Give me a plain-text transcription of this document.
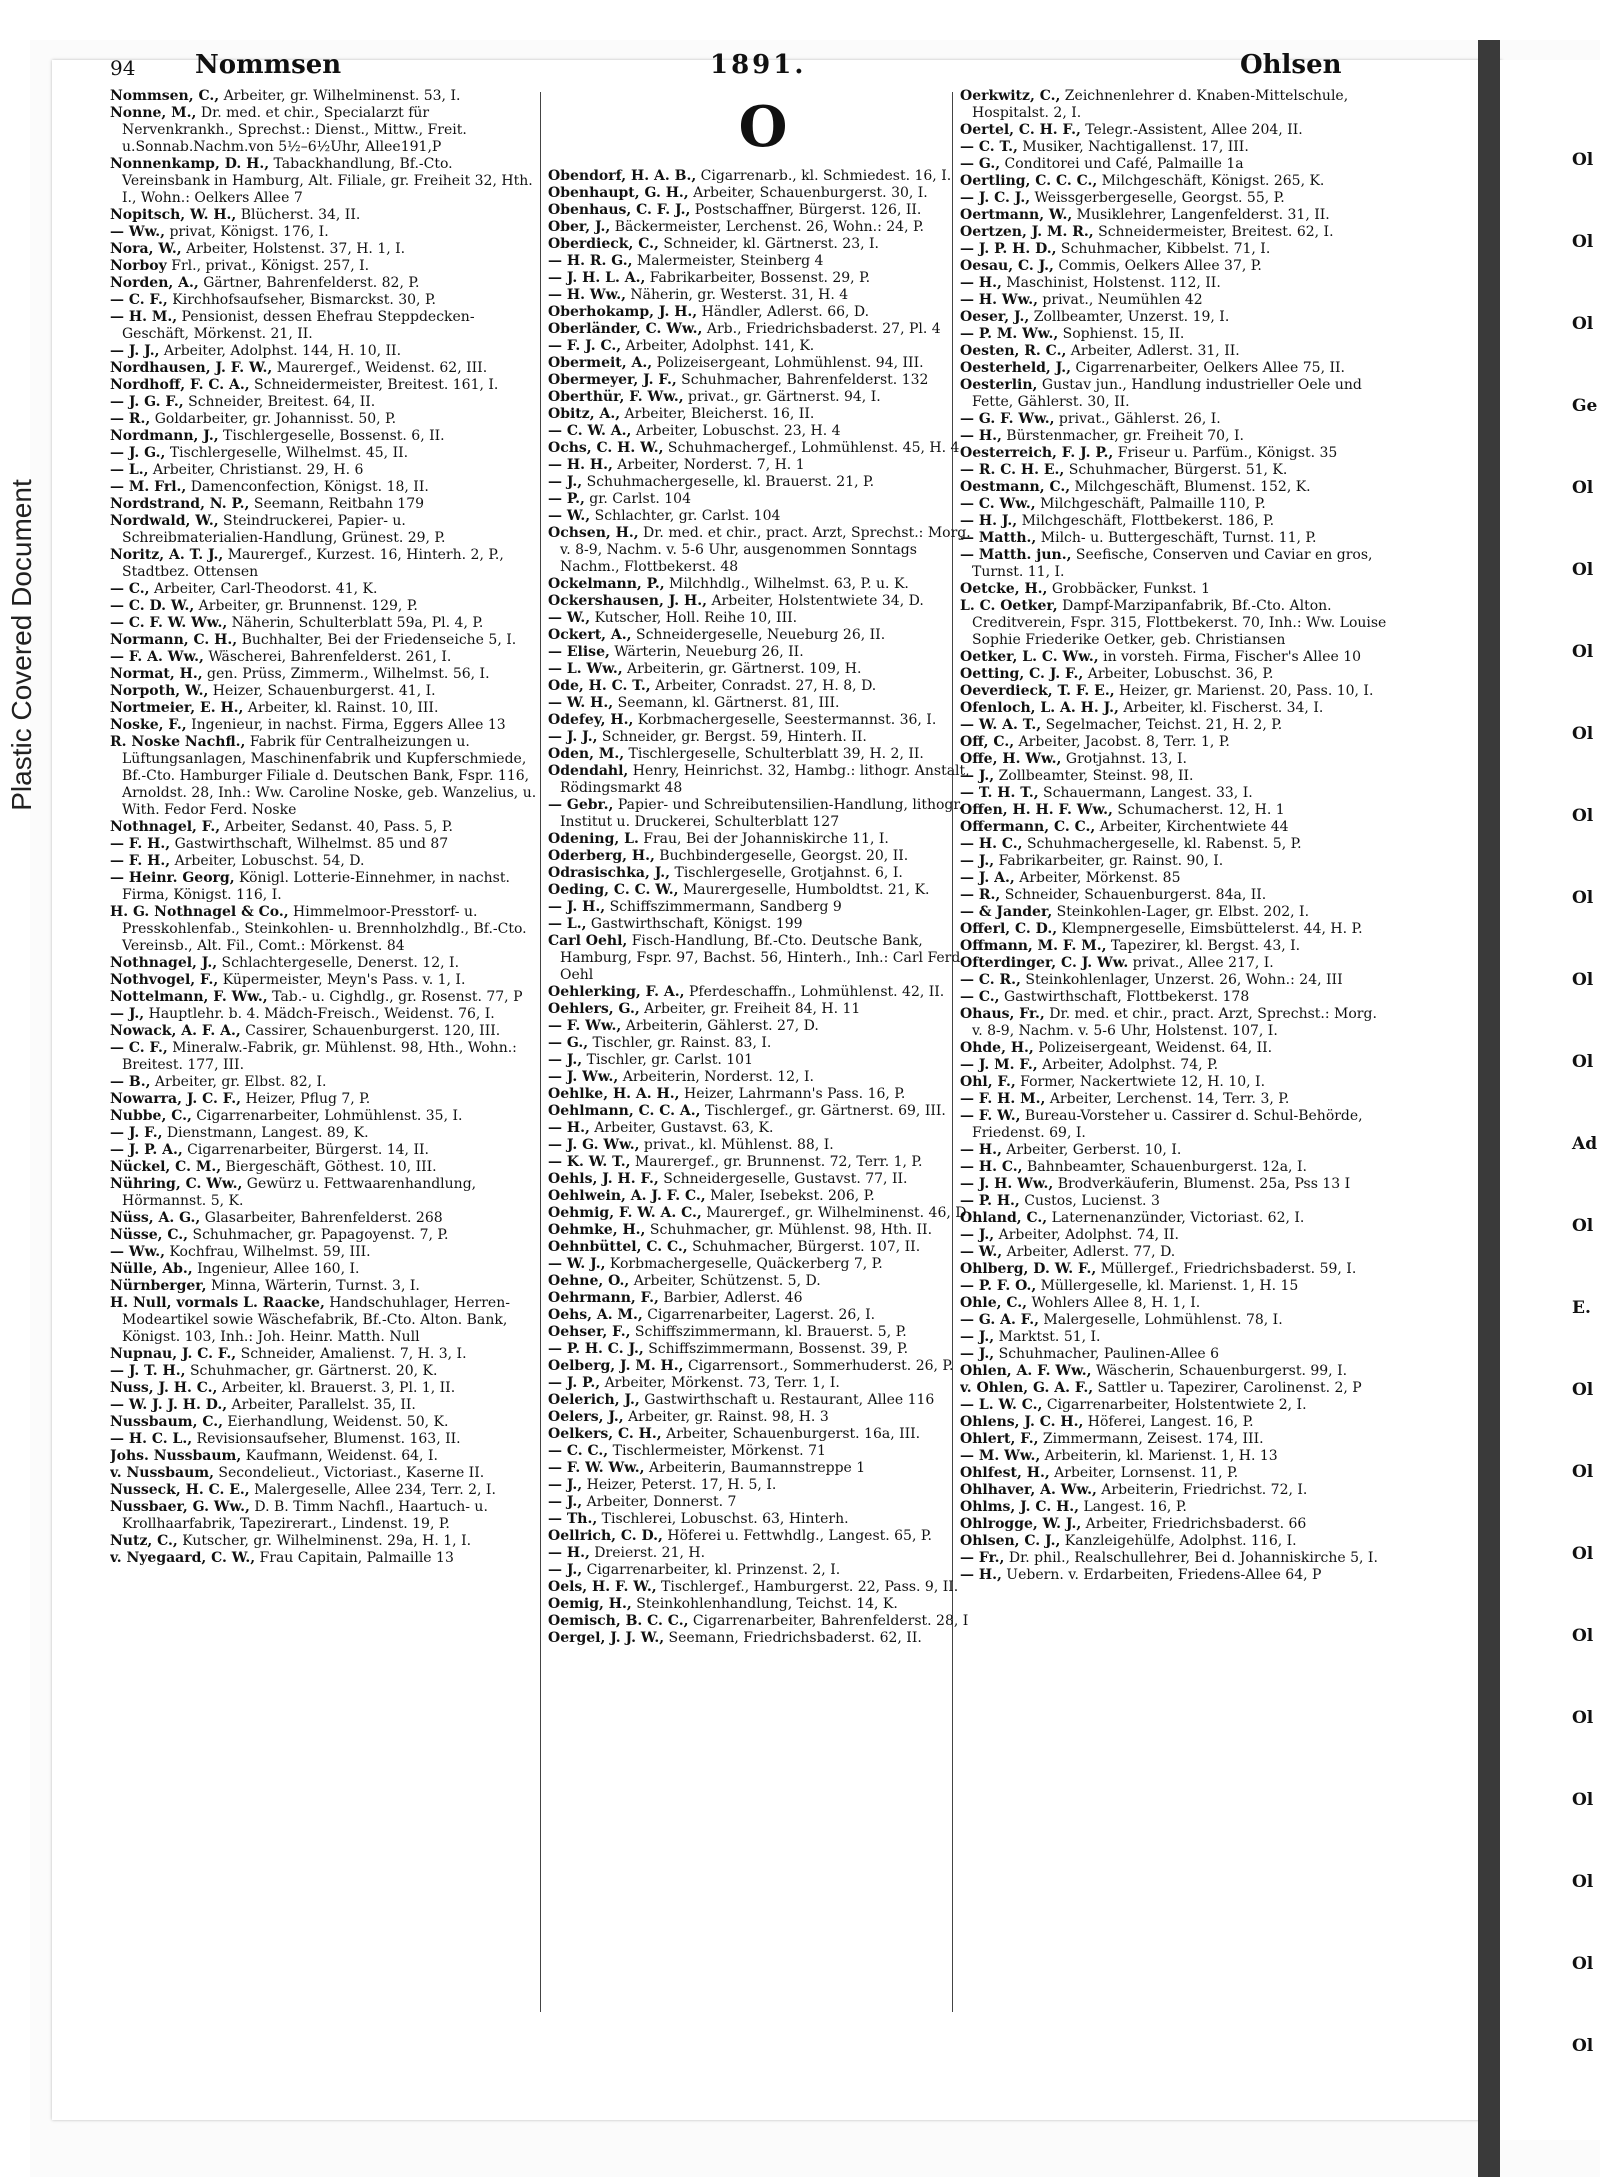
Plastic Covered Document
Ol
Ol
Ol
Ge
Ol
Ol
Ol
Ol
Ol
Ol
Ol
Ol
Ad
Ol
E.
Ol
Ol
Ol
Ol
Ol
Ol
Ol
Ol
Ol
94 Nommsen	1891.	Ohlsen

Nommsen, C., Arbeiter, gr. Wilhelminenst. 53, I.

Nonne, M., Dr. med. et chir., Specialarzt für Nervenkrankh., Sprechst.: Dienst., Mittw., Freit. u.Sonnab.Nachm.von 5½–6½Uhr, Allee191,P

Nonnenkamp, D. H., Tabackhandlung, Bf.-Cto. Vereinsbank in Hamburg, Alt. Filiale, gr. Freiheit 32, Hth. I., Wohn.: Oelkers Allee 7

Nopitsch, W. H., Blücherst. 34, II.

— Ww., privat, Königst. 176, I.

Nora, W., Arbeiter, Holstenst. 37, H. 1, I.

Norboy Frl., privat., Königst. 257, I.

Norden, A., Gärtner, Bahrenfelderst. 82, P.

— C. F., Kirchhofsaufseher, Bismarckst. 30, P.

— H. M., Pensionist, dessen Ehefrau Steppdecken-Geschäft, Mörkenst. 21, II.

— J. J., Arbeiter, Adolphst. 144, H. 10, II.

Nordhausen, J. F. W., Maurergef., Weidenst. 62, III.

Nordhoff, F. C. A., Schneidermeister, Breitest. 161, I.

— J. G. F., Schneider, Breitest. 64, II.

— R., Goldarbeiter, gr. Johannisst. 50, P.

Nordmann, J., Tischlergeselle, Bossenst. 6, II.

— J. G., Tischlergeselle, Wilhelmst. 45, II.

— L., Arbeiter, Christianst. 29, H. 6

— M. Frl., Damenconfection, Königst. 18, II.

Nordstrand, N. P., Seemann, Reitbahn 179

Nordwald, W., Steindruckerei, Papier- u. Schreibmaterialien-Handlung, Grünest. 29, P.

Noritz, A. T. J., Maurergef., Kurzest. 16, Hinterh. 2, P., Stadtbez. Ottensen

— C., Arbeiter, Carl-Theodorst. 41, K.

— C. D. W., Arbeiter, gr. Brunnenst. 129, P.

— C. F. W. Ww., Näherin, Schulterblatt 59a, Pl. 4, P.

Normann, C. H., Buchhalter, Bei der Friedenseiche 5, I.

— F. A. Ww., Wäscherei, Bahrenfelderst. 261, I.

Normat, H., gen. Prüss, Zimmerm., Wilhelmst. 56, I.

Norpoth, W., Heizer, Schauenburgerst. 41, I.

Nortmeier, E. H., Arbeiter, kl. Rainst. 10, III.

Noske, F., Ingenieur, in nachst. Firma, Eggers Allee 13

R. Noske Nachfl., Fabrik für Centralheizungen u. Lüftungsanlagen, Maschinenfabrik und Kupferschmiede, Bf.-Cto. Hamburger Filiale d. Deutschen Bank, Fspr. 116, Arnoldst. 28, Inh.: Ww. Caroline Noske, geb. Wanzelius, u. With. Fedor Ferd. Noske

Nothnagel, F., Arbeiter, Sedanst. 40, Pass. 5, P.

— F. H., Gastwirthschaft, Wilhelmst. 85 und 87

— F. H., Arbeiter, Lobuschst. 54, D.

— Heinr. Georg, Königl. Lotterie-Einnehmer, in nachst. Firma, Königst. 116, I.

H. G. Nothnagel & Co., Himmelmoor-Presstorf- u. Presskohlenfab., Steinkohlen- u. Brennholzhdlg., Bf.-Cto. Vereinsb., Alt. Fil., Comt.: Mörkenst. 84

Nothnagel, J., Schlachtergeselle, Denerst. 12, I.

Nothvogel, F., Küpermeister, Meyn's Pass. v. 1, I.

Nottelmann, F. Ww., Tab.- u. Cighdlg., gr. Rosenst. 77, P

— J., Hauptlehr. b. 4. Mädch-Freisch., Weidenst. 76, I.

Nowack, A. F. A., Cassirer, Schauenburgerst. 120, III.

— C. F., Mineralw.-Fabrik, gr. Mühlenst. 98, Hth., Wohn.: Breitest. 177, III.

— B., Arbeiter, gr. Elbst. 82, I.

Nowarra, J. C. F., Heizer, Pflug 7, P.

Nubbe, C., Cigarrenarbeiter, Lohmühlenst. 35, I.

— J. F., Dienstmann, Langest. 89, K.

— J. P. A., Cigarrenarbeiter, Bürgerst. 14, II.

Nückel, C. M., Biergeschäft, Göthest. 10, III.

Nühring, C. Ww., Gewürz u. Fettwaarenhandlung, Hörmannst. 5, K.

Nüss, A. G., Glasarbeiter, Bahrenfelderst. 268

Nüsse, C., Schuhmacher, gr. Papagoyenst. 7, P.

— Ww., Kochfrau, Wilhelmst. 59, III.

Nülle, Ab., Ingenieur, Allee 160, I.

Nürnberger, Minna, Wärterin, Turnst. 3, I.

H. Null, vormals L. Raacke, Handschuhlager, Herren-Modeartikel sowie Wäschefabrik, Bf.-Cto. Alton. Bank, Königst. 103, Inh.: Joh. Heinr. Matth. Null

Nupnau, J. C. F., Schneider, Amalienst. 7, H. 3, I.

— J. T. H., Schuhmacher, gr. Gärtnerst. 20, K.

Nuss, J. H. C., Arbeiter, kl. Brauerst. 3, Pl. 1, II.

— W. J. J. H. D., Arbeiter, Parallelst. 35, II.

Nussbaum, C., Eierhandlung, Weidenst. 50, K.

— H. C. L., Revisionsaufseher, Blumenst. 163, II.

Johs. Nussbaum, Kaufmann, Weidenst. 64, I.

v. Nussbaum, Secondelieut., Victoriast., Kaserne II.

Nusseck, H. C. E., Malergeselle, Allee 234, Terr. 2, I.

Nussbaer, G. Ww., D. B. Timm Nachfl., Haartuch- u. Krollhaarfabrik, Tapezirerart., Lindenst. 19, P.

Nutz, C., Kutscher, gr. Wilhelminenst. 29a, H. 1, I.

v. Nyegaard, C. W., Frau Capitain, Palmaille 13

O

Obendorf, H. A. B., Cigarrenarb., kl. Schmiedest. 16, I.

Obenhaupt, G. H., Arbeiter, Schauenburgerst. 30, I.

Obenhaus, C. F. J., Postschaffner, Bürgerst. 126, II.

Ober, J., Bäckermeister, Lerchenst. 26, Wohn.: 24, P.

Oberdieck, C., Schneider, kl. Gärtnerst. 23, I.

— H. R. G., Malermeister, Steinberg 4

— J. H. L. A., Fabrikarbeiter, Bossenst. 29, P.

— H. Ww., Näherin, gr. Westerst. 31, H. 4

Oberhokamp, J. H., Händler, Adlerst. 66, D.

Oberländer, C. Ww., Arb., Friedrichsbaderst. 27, Pl. 4

— F. J. C., Arbeiter, Adolphst. 141, K.

Obermeit, A., Polizeisergeant, Lohmühlenst. 94, III.

Obermeyer, J. F., Schuhmacher, Bahrenfelderst. 132

Oberthür, F. Ww., privat., gr. Gärtnerst. 94, I.

Obitz, A., Arbeiter, Bleicherst. 16, II.

— C. W. A., Arbeiter, Lobuschst. 23, H. 4

Ochs, C. H. W., Schuhmachergef., Lohmühlenst. 45, H. 4

— H. H., Arbeiter, Norderst. 7, H. 1

— J., Schuhmachergeselle, kl. Brauerst. 21, P.

— P., gr. Carlst. 104

— W., Schlachter, gr. Carlst. 104

Ochsen, H., Dr. med. et chir., pract. Arzt, Sprechst.: Morg. v. 8-9, Nachm. v. 5-6 Uhr, ausgenommen Sonntags Nachm., Flottbekerst. 48

Ockelmann, P., Milchhdlg., Wilhelmst. 63, P. u. K.

Ockershausen, J. H., Arbeiter, Holstentwiete 34, D.

— W., Kutscher, Holl. Reihe 10, III.

Ockert, A., Schneidergeselle, Neueburg 26, II.

— Elise, Wärterin, Neueburg 26, II.

— L. Ww., Arbeiterin, gr. Gärtnerst. 109, H.

Ode, H. C. T., Arbeiter, Conradst. 27, H. 8, D.

— W. H., Seemann, kl. Gärtnerst. 81, III.

Odefey, H., Korbmachergeselle, Seestermannst. 36, I.

— J. J., Schneider, gr. Bergst. 59, Hinterh. II.

Oden, M., Tischlergeselle, Schulterblatt 39, H. 2, II.

Odendahl, Henry, Heinrichst. 32, Hambg.: lithogr. Anstalt, Rödingsmarkt 48

— Gebr., Papier- und Schreibutensilien-Handlung, lithogr. Institut u. Druckerei, Schulterblatt 127

Odening, L. Frau, Bei der Johanniskirche 11, I.

Oderberg, H., Buchbindergeselle, Georgst. 20, II.

Odrasischka, J., Tischlergeselle, Grotjahnst. 6, I.

Oeding, C. C. W., Maurergeselle, Humboldtst. 21, K.

— J. H., Schiffszimmermann, Sandberg 9

— L., Gastwirthschaft, Königst. 199

Carl Oehl, Fisch-Handlung, Bf.-Cto. Deutsche Bank, Hamburg, Fspr. 97, Bachst. 56, Hinterh., Inh.: Carl Ferd. Oehl

Oehlerking, F. A., Pferdeschaffn., Lohmühlenst. 42, II.

Oehlers, G., Arbeiter, gr. Freiheit 84, H. 11

— F. Ww., Arbeiterin, Gählerst. 27, D.

— G., Tischler, gr. Rainst. 83, I.

— J., Tischler, gr. Carlst. 101

— J. Ww., Arbeiterin, Norderst. 12, I.

Oehlke, H. A. H., Heizer, Lahrmann's Pass. 16, P.

Oehlmann, C. C. A., Tischlergef., gr. Gärtnerst. 69, III.

— H., Arbeiter, Gustavst. 63, K.

— J. G. Ww., privat., kl. Mühlenst. 88, I.

— K. W. T., Maurergef., gr. Brunnenst. 72, Terr. 1, P.

Oehls, J. H. F., Schneidergeselle, Gustavst. 77, II.

Oehlwein, A. J. F. C., Maler, Isebekst. 206, P.

Oehmig, F. W. A. C., Maurergef., gr. Wilhelminenst. 46, D

Oehmke, H., Schuhmacher, gr. Mühlenst. 98, Hth. II.

Oehnbüttel, C. C., Schuhmacher, Bürgerst. 107, II.

— W. J., Korbmachergeselle, Quäckerberg 7, P.

Oehne, O., Arbeiter, Schützenst. 5, D.

Oehrmann, F., Barbier, Adlerst. 46

Oehs, A. M., Cigarrenarbeiter, Lagerst. 26, I.

Oehser, F., Schiffszimmermann, kl. Brauerst. 5, P.

— P. H. C. J., Schiffszimmermann, Bossenst. 39, P.

Oelberg, J. M. H., Cigarrensort., Sommerhuderst. 26, P.

— J. P., Arbeiter, Mörkenst. 73, Terr. 1, I.

Oelerich, J., Gastwirthschaft u. Restaurant, Allee 116

Oelers, J., Arbeiter, gr. Rainst. 98, H. 3

Oelkers, C. H., Arbeiter, Schauenburgerst. 16a, III.

— C. C., Tischlermeister, Mörkenst. 71

— F. W. Ww., Arbeiterin, Baumannstreppe 1

— J., Heizer, Peterst. 17, H. 5, I.

— J., Arbeiter, Donnerst. 7

— Th., Tischlerei, Lobuschst. 63, Hinterh.

Oellrich, C. D., Höferei u. Fettwhdlg., Langest. 65, P.

— H., Dreierst. 21, H.

— J., Cigarrenarbeiter, kl. Prinzenst. 2, I.

Oels, H. F. W., Tischlergef., Hamburgerst. 22, Pass. 9, II.

Oemig, H., Steinkohlenhandlung, Teichst. 14, K.

Oemisch, B. C. C., Cigarrenarbeiter, Bahrenfelderst. 28, I

Oergel, J. J. W., Seemann, Friedrichsbaderst. 62, II.

Oerkwitz, C., Zeichnenlehrer d. Knaben-Mittelschule, Hospitalst. 2, I.

Oertel, C. H. F., Telegr.-Assistent, Allee 204, II.

— C. T., Musiker, Nachtigallenst. 17, III.

— G., Conditorei und Café, Palmaille 1a

Oertling, C. C. C., Milchgeschäft, Königst. 265, K.

— J. C. J., Weissgerbergeselle, Georgst. 55, P.

Oertmann, W., Musiklehrer, Langenfelderst. 31, II.

Oertzen, J. M. R., Schneidermeister, Breitest. 62, I.

— J. P. H. D., Schuhmacher, Kibbelst. 71, I.

Oesau, C. J., Commis, Oelkers Allee 37, P.

— H., Maschinist, Holstenst. 112, II.

— H. Ww., privat., Neumühlen 42

Oeser, J., Zollbeamter, Unzerst. 19, I.

— P. M. Ww., Sophienst. 15, II.

Oesten, R. C., Arbeiter, Adlerst. 31, II.

Oesterheld, J., Cigarrenarbeiter, Oelkers Allee 75, II.

Oesterlin, Gustav jun., Handlung industrieller Oele und Fette, Gählerst. 30, II.

— G. F. Ww., privat., Gählerst. 26, I.

— H., Bürstenmacher, gr. Freiheit 70, I.

Oesterreich, F. J. P., Friseur u. Parfüm., Königst. 35

— R. C. H. E., Schuhmacher, Bürgerst. 51, K.

Oestmann, C., Milchgeschäft, Blumenst. 152, K.

— C. Ww., Milchgeschäft, Palmaille 110, P.

— H. J., Milchgeschäft, Flottbekerst. 186, P.

— Matth., Milch- u. Buttergeschäft, Turnst. 11, P.

— Matth. jun., Seefische, Conserven und Caviar en gros, Turnst. 11, I.

Oetcke, H., Grobbäcker, Funkst. 1

L. C. Oetker, Dampf-Marzipanfabrik, Bf.-Cto. Alton. Creditverein, Fspr. 315, Flottbekerst. 70, Inh.: Ww. Louise Sophie Friederike Oetker, geb. Christiansen

Oetker, L. C. Ww., in vorsteh. Firma, Fischer's Allee 10

Oetting, C. J. F., Arbeiter, Lobuschst. 36, P.

Oeverdieck, T. F. E., Heizer, gr. Marienst. 20, Pass. 10, I.

Ofenloch, L. A. H. J., Arbeiter, kl. Fischerst. 34, I.

— W. A. T., Segelmacher, Teichst. 21, H. 2, P.

Off, C., Arbeiter, Jacobst. 8, Terr. 1, P.

Offe, H. Ww., Grotjahnst. 13, I.

— J., Zollbeamter, Steinst. 98, II.

— T. H. T., Schauermann, Langest. 33, I.

Offen, H. H. F. Ww., Schumacherst. 12, H. 1

Offermann, C. C., Arbeiter, Kirchentwiete 44

— H. C., Schuhmachergeselle, kl. Rabenst. 5, P.

— J., Fabrikarbeiter, gr. Rainst. 90, I.

— J. A., Arbeiter, Mörkenst. 85

— R., Schneider, Schauenburgerst. 84a, II.

— & Jander, Steinkohlen-Lager, gr. Elbst. 202, I.

Offerl, C. D., Klempnergeselle, Eimsbüttelerst. 44, H. P.

Offmann, M. F. M., Tapezirer, kl. Bergst. 43, I.

Ofterdinger, C. J. Ww. privat., Allee 217, I.

— C. R., Steinkohlenlager, Unzerst. 26, Wohn.: 24, III

— C., Gastwirthschaft, Flottbekerst. 178

Ohaus, Fr., Dr. med. et chir., pract. Arzt, Sprechst.: Morg. v. 8-9, Nachm. v. 5-6 Uhr, Holstenst. 107, I.

Ohde, H., Polizeisergeant, Weidenst. 64, II.

— J. M. F., Arbeiter, Adolphst. 74, P.

Ohl, F., Former, Nackertwiete 12, H. 10, I.

— F. H. M., Arbeiter, Lerchenst. 14, Terr. 3, P.

— F. W., Bureau-Vorsteher u. Cassirer d. Schul-Behörde, Friedenst. 69, I.

— H., Arbeiter, Gerberst. 10, I.

— H. C., Bahnbeamter, Schauenburgerst. 12a, I.

— J. H. Ww., Brodverkäuferin, Blumenst. 25a, Pss 13 I

— P. H., Custos, Lucienst. 3

Ohland, C., Laternenanzünder, Victoriast. 62, I.

— J., Arbeiter, Adolphst. 74, II.

— W., Arbeiter, Adlerst. 77, D.

Ohlberg, D. W. F., Müllergef., Friedrichsbaderst. 59, I.

— P. F. O., Müllergeselle, kl. Marienst. 1, H. 15

Ohle, C., Wohlers Allee 8, H. 1, I.

— G. A. F., Malergeselle, Lohmühlenst. 78, I.

— J., Marktst. 51, I.

— J., Schuhmacher, Paulinen-Allee 6

Ohlen, A. F. Ww., Wäscherin, Schauenburgerst. 99, I.

v. Ohlen, G. A. F., Sattler u. Tapezirer, Carolinenst. 2, P

— L. W. C., Cigarrenarbeiter, Holstentwiete 2, I.

Ohlens, J. C. H., Höferei, Langest. 16, P.

Ohlert, F., Zimmermann, Zeisest. 174, III.

— M. Ww., Arbeiterin, kl. Marienst. 1, H. 13

Ohlfest, H., Arbeiter, Lornsenst. 11, P.

Ohlhaver, A. Ww., Arbeiterin, Friedrichst. 72, I.

Ohlms, J. C. H., Langest. 16, P.

Ohlrogge, W. J., Arbeiter, Friedrichsbaderst. 66

Ohlsen, C. J., Kanzleigehülfe, Adolphst. 116, I.

— Fr., Dr. phil., Realschullehrer, Bei d. Johanniskirche 5, I.

— H., Uebern. v. Erdarbeiten, Friedens-Allee 64, P
